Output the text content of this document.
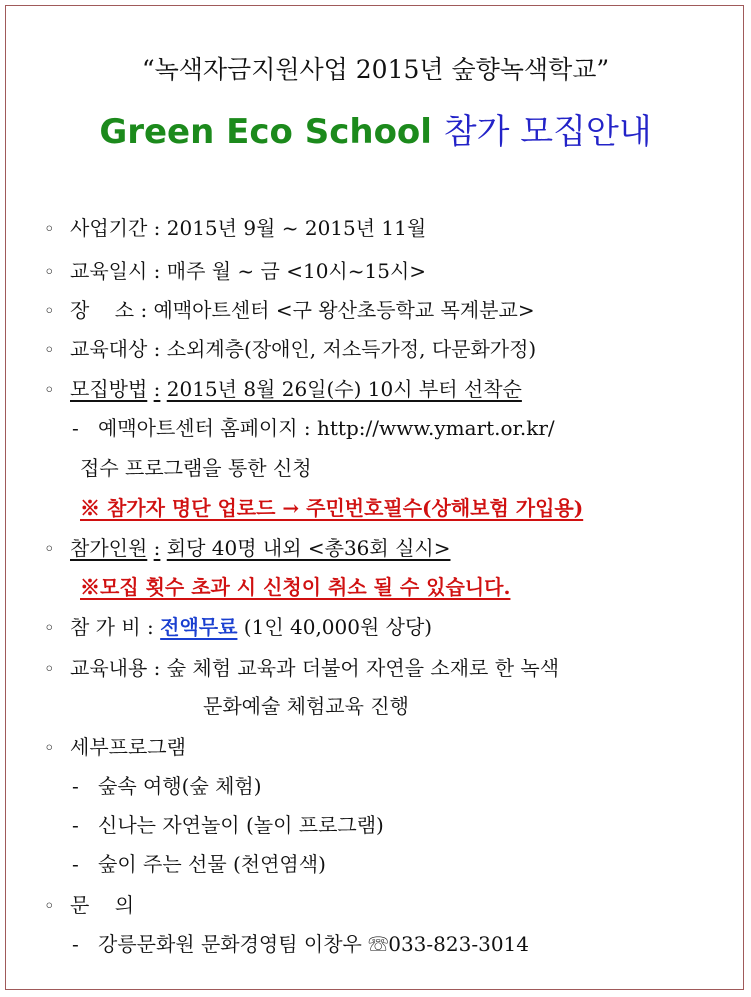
“녹색자금지원사업 2015년 숲향녹색학교”
Green Eco School 참가 모집안내
◦ 사업기간 : 2015년 9월 ~ 2015년 11월
◦ 교육일시 : 매주 월 ~ 금 <10시~15시>
◦ 장    소 : 예맥아트센터 <구 왕산초등학교 목계분교>
◦ 교육대상 : 소외계층(장애인, 저소득가정, 다문화가정)
◦ 모집방법 : 2015년 8월 26일(수) 10시 부터 선착순
- 예맥아트센터 홈페이지 : http://www.ymart.or.kr/
접수 프로그램을 통한 신청
※ 참가자 명단 업로드 → 주민번호필수(상해보험 가입용)
◦ 참가인원 : 회당 40명 내외 <총36회 실시>
※모집 횟수 초과 시 신청이 취소 될 수 있습니다.
◦ 참 가 비 : 전액무료 (1인 40,000원 상당)
◦ 교육내용 : 숲 체험 교육과 더불어 자연을 소재로 한 녹색
문화예술 체험교육 진행
◦ 세부프로그램
- 숲속 여행(숲 체험)
- 신나는 자연놀이 (놀이 프로그램)
- 숲이 주는 선물 (천연염색)
◦ 문    의
- 강릉문화원 문화경영팀 이창우 ☏033-823-3014
